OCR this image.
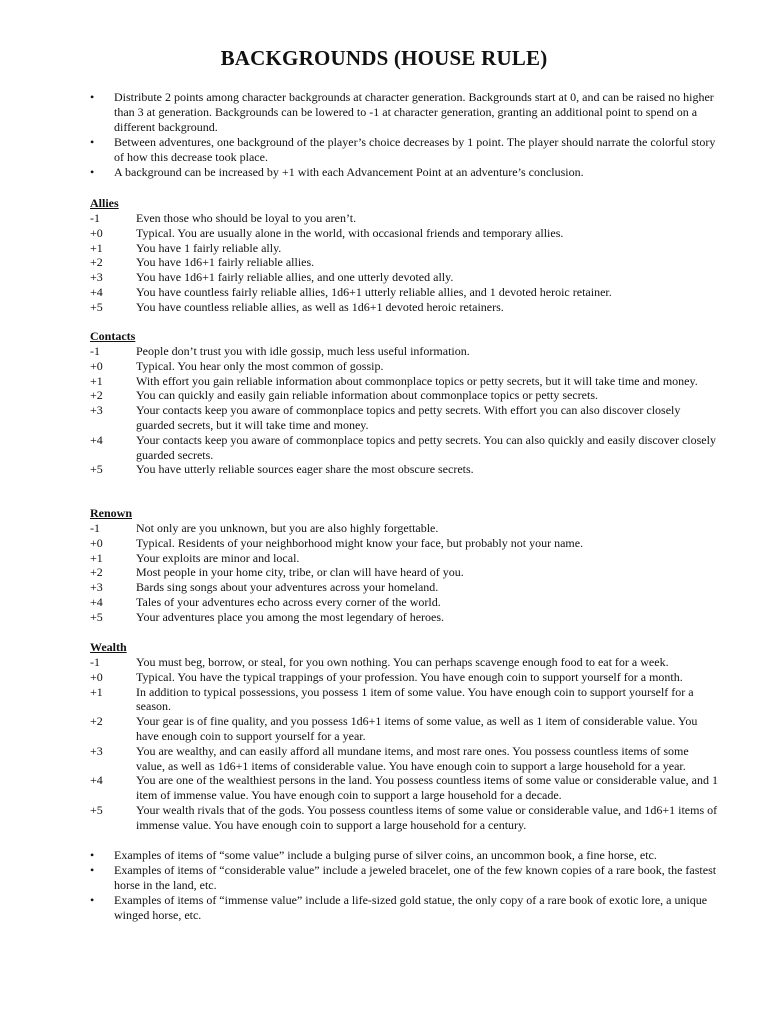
BACKGROUNDS (HOUSE RULE)
• Distribute 2 points among character backgrounds at character generation. Backgrounds start at 0, and can be raised no higher than 3 at generation. Backgrounds can be lowered to -1 at character generation, granting an additional point to spend on a different background.
• Between adventures, one background of the player’s choice decreases by 1 point. The player should narrate the colorful story of how this decrease took place.
• A background can be increased by +1 with each Advancement Point at an adventure’s conclusion.
Allies
-1	Even those who should be loyal to you aren’t.
+0	Typical. You are usually alone in the world, with occasional friends and temporary allies.
+1	You have 1 fairly reliable ally.
+2	You have 1d6+1 fairly reliable allies.
+3	You have 1d6+1 fairly reliable allies, and one utterly devoted ally.
+4	You have countless fairly reliable allies, 1d6+1 utterly reliable allies, and 1 devoted heroic retainer.
+5	You have countless reliable allies, as well as 1d6+1 devoted heroic retainers.
Contacts
-1	People don’t trust you with idle gossip, much less useful information.
+0	Typical. You hear only the most common of gossip.
+1	With effort you gain reliable information about commonplace topics or petty secrets, but it will take time and money.
+2	You can quickly and easily gain reliable information about commonplace topics or petty secrets.
+3	Your contacts keep you aware of commonplace topics and petty secrets. With effort you can also discover closely guarded secrets, but it will take time and money.
+4	Your contacts keep you aware of commonplace topics and petty secrets. You can also quickly and easily discover closely guarded secrets.
+5	You have utterly reliable sources eager share the most obscure secrets.
Renown
-1	Not only are you unknown, but you are also highly forgettable.
+0	Typical. Residents of your neighborhood might know your face, but probably not your name.
+1	Your exploits are minor and local.
+2	Most people in your home city, tribe, or clan will have heard of you.
+3	Bards sing songs about your adventures across your homeland.
+4	Tales of your adventures echo across every corner of the world.
+5	Your adventures place you among the most legendary of heroes.
Wealth
-1	You must beg, borrow, or steal, for you own nothing. You can perhaps scavenge enough food to eat for a week.
+0	Typical. You have the typical trappings of your profession. You have enough coin to support yourself for a month.
+1	In addition to typical possessions, you possess 1 item of some value. You have enough coin to support yourself for a season.
+2	Your gear is of fine quality, and you possess 1d6+1 items of some value, as well as 1 item of considerable value. You have enough coin to support yourself for a year.
+3	You are wealthy, and can easily afford all mundane items, and most rare ones. You possess countless items of some value, as well as 1d6+1 items of considerable value. You have enough coin to support a large household for a year.
+4	You are one of the wealthiest persons in the land. You possess countless items of some value or considerable value, and 1 item of immense value. You have enough coin to support a large household for a decade.
+5	Your wealth rivals that of the gods. You possess countless items of some value or considerable value, and 1d6+1 items of immense value. You have enough coin to support a large household for a century.
• Examples of items of “some value” include a bulging purse of silver coins, an uncommon book, a fine horse, etc.
• Examples of items of “considerable value” include a jeweled bracelet, one of the few known copies of a rare book, the fastest horse in the land, etc.
• Examples of items of “immense value” include a life-sized gold statue, the only copy of a rare book of exotic lore, a unique winged horse, etc.
